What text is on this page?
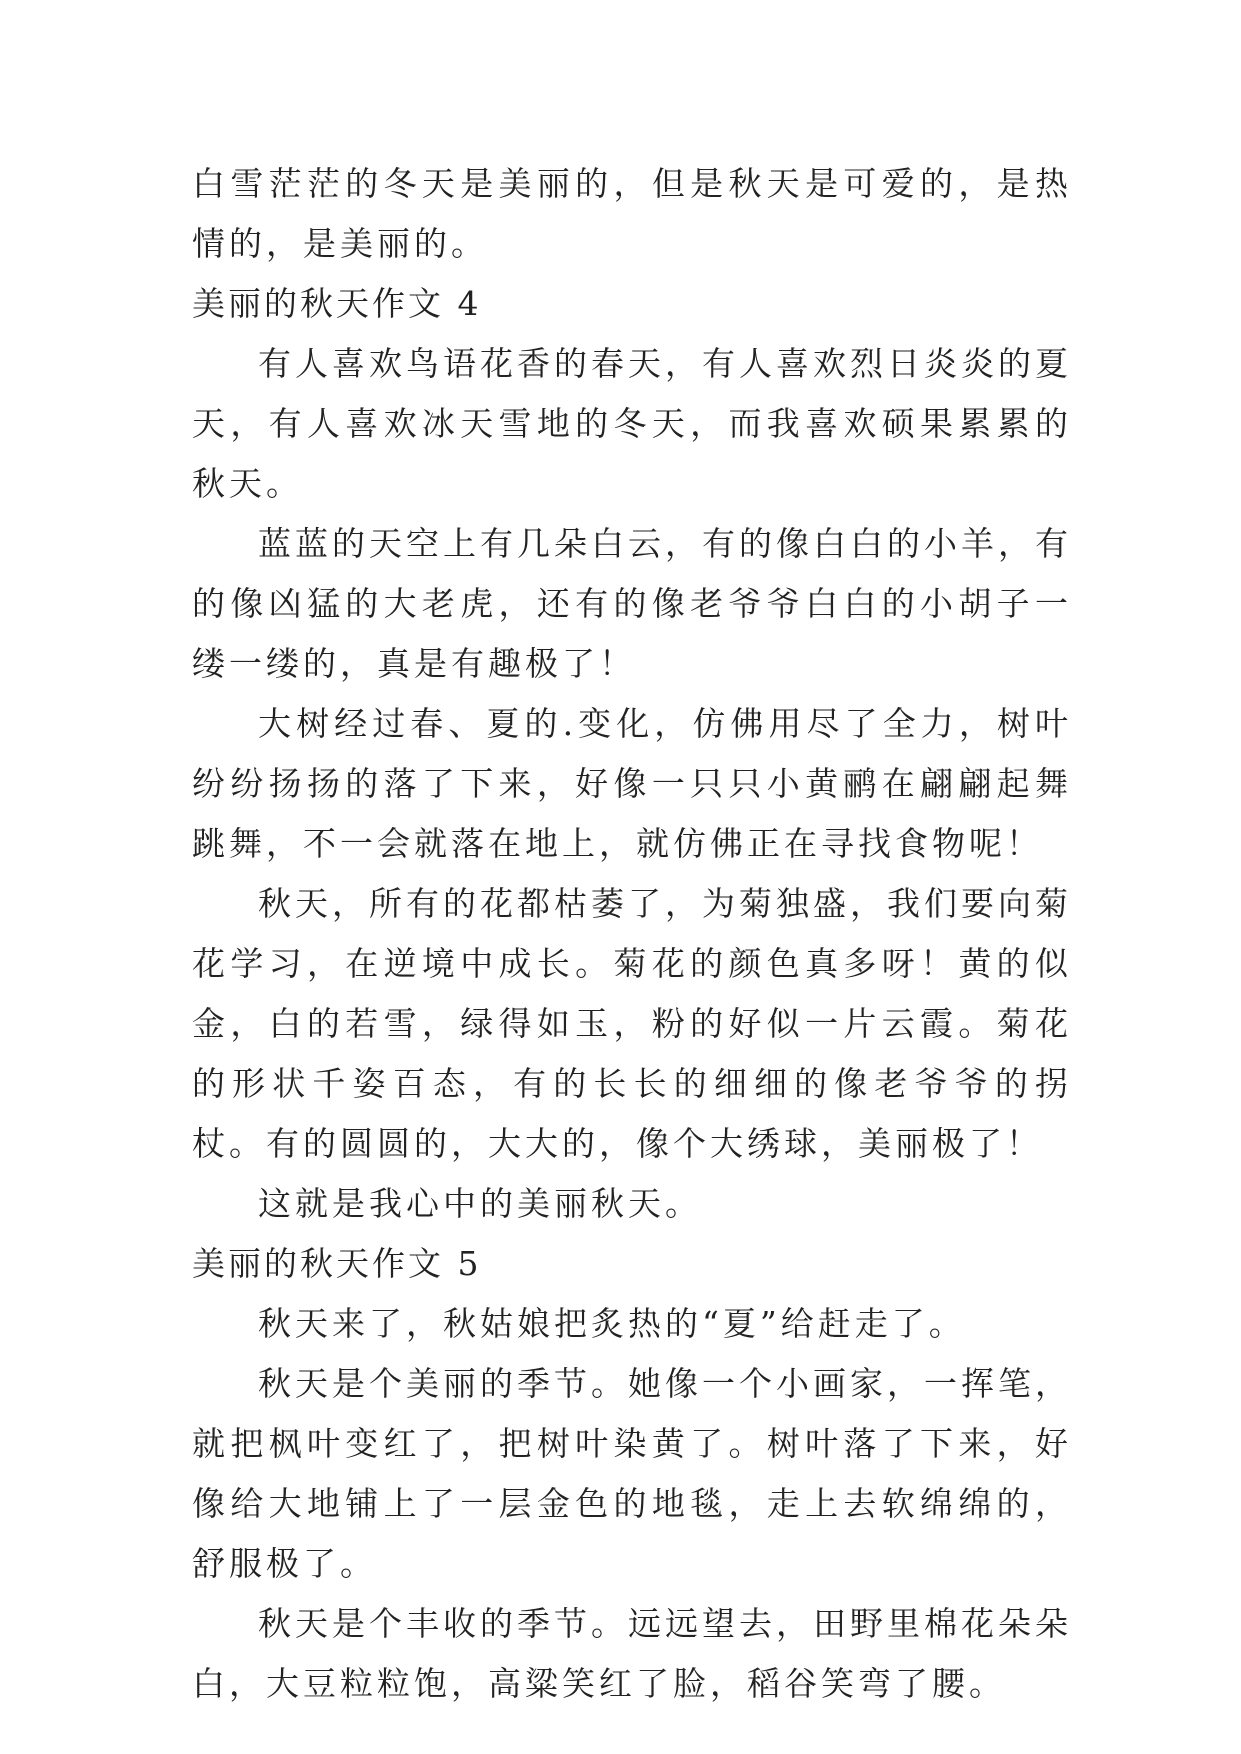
白雪茫茫的冬天是美丽的，但是秋天是可爱的，是热情的，是美丽的。

美丽的秋天作文 4

有人喜欢鸟语花香的春天，有人喜欢烈日炎炎的夏天，有人喜欢冰天雪地的冬天，而我喜欢硕果累累的秋天。

蓝蓝的天空上有几朵白云，有的像白白的小羊，有的像凶猛的大老虎，还有的像老爷爷白白的小胡子一缕一缕的，真是有趣极了！

大树经过春、夏的.变化，仿佛用尽了全力，树叶纷纷扬扬的落了下来，好像一只只小黄鹂在翩翩起舞跳舞，不一会就落在地上，就仿佛正在寻找食物呢！

秋天，所有的花都枯萎了，为菊独盛，我们要向菊花学习，在逆境中成长。菊花的颜色真多呀！黄的似金，白的若雪，绿得如玉，粉的好似一片云霞。菊花的形状千姿百态，有的长长的细细的像老爷爷的拐杖。有的圆圆的，大大的，像个大绣球，美丽极了！

这就是我心中的美丽秋天。

美丽的秋天作文 5

秋天来了，秋姑娘把炙热的“夏”给赶走了。

秋天是个美丽的季节。她像一个小画家，一挥笔，就把枫叶变红了，把树叶染黄了。树叶落了下来，好像给大地铺上了一层金色的地毯，走上去软绵绵的，舒服极了。

秋天是个丰收的季节。远远望去，田野里棉花朵朵白，大豆粒粒饱，高粱笑红了脸，稻谷笑弯了腰。
